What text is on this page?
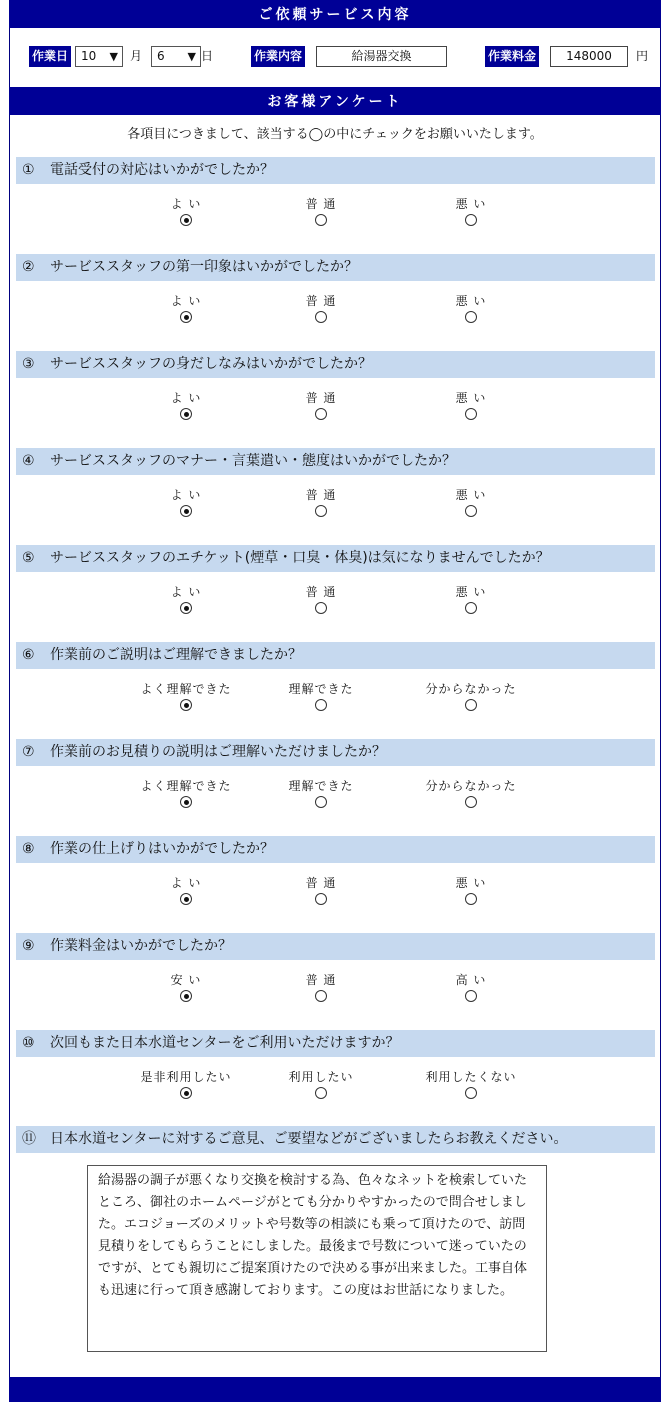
ご依頼サービス内容
作業日	10 ▼ 月	6 ▼ 日	作業内容	給湯器交換	作業料金	148000	円
お客様アンケート
各項目につきまして、該当する◯の中にチェックをお願いいたします。
① 電話受付の対応はいかがでしたか？
よ い	普 通	悪 い
② サービススタッフの第一印象はいかがでしたか？
よ い	普 通	悪 い
③ サービススタッフの身だしなみはいかがでしたか？
よ い	普 通	悪 い
④ サービススタッフのマナー・言葉遣い・態度はいかがでしたか？
よ い	普 通	悪 い
⑤ サービススタッフのエチケット(煙草・口臭・体臭)は気になりませんでしたか？
よ い	普 通	悪 い
⑥ 作業前のご説明はご理解できましたか？
よく理解できた	理解できた	分からなかった
⑦ 作業前のお見積りの説明はご理解いただけましたか？
よく理解できた	理解できた	分からなかった
⑧ 作業の仕上げりはいかがでしたか？
よ い	普 通	悪 い
⑨ 作業料金はいかがでしたか？
安 い	普 通	高 い
⑩ 次回もまた日本水道センターをご利用いただけますか？
是非利用したい	利用したい	利用したくない
⑪ 日本水道センターに対するご意見、ご要望などがございましたらお教えください。
給湯器の調子が悪くなり交換を検討する為、色々なネットを検索していたところ、御社のホームページがとても分かりやすかったので問合せしました。エコジョーズのメリットや号数等の相談にも乗って頂けたので、訪問見積りをしてもらうことにしました。最後まで号数について迷っていたのですが、とても親切にご提案頂けたので決める事が出来ました。工事自体も迅速に行って頂き感謝しております。この度はお世話になりました。
